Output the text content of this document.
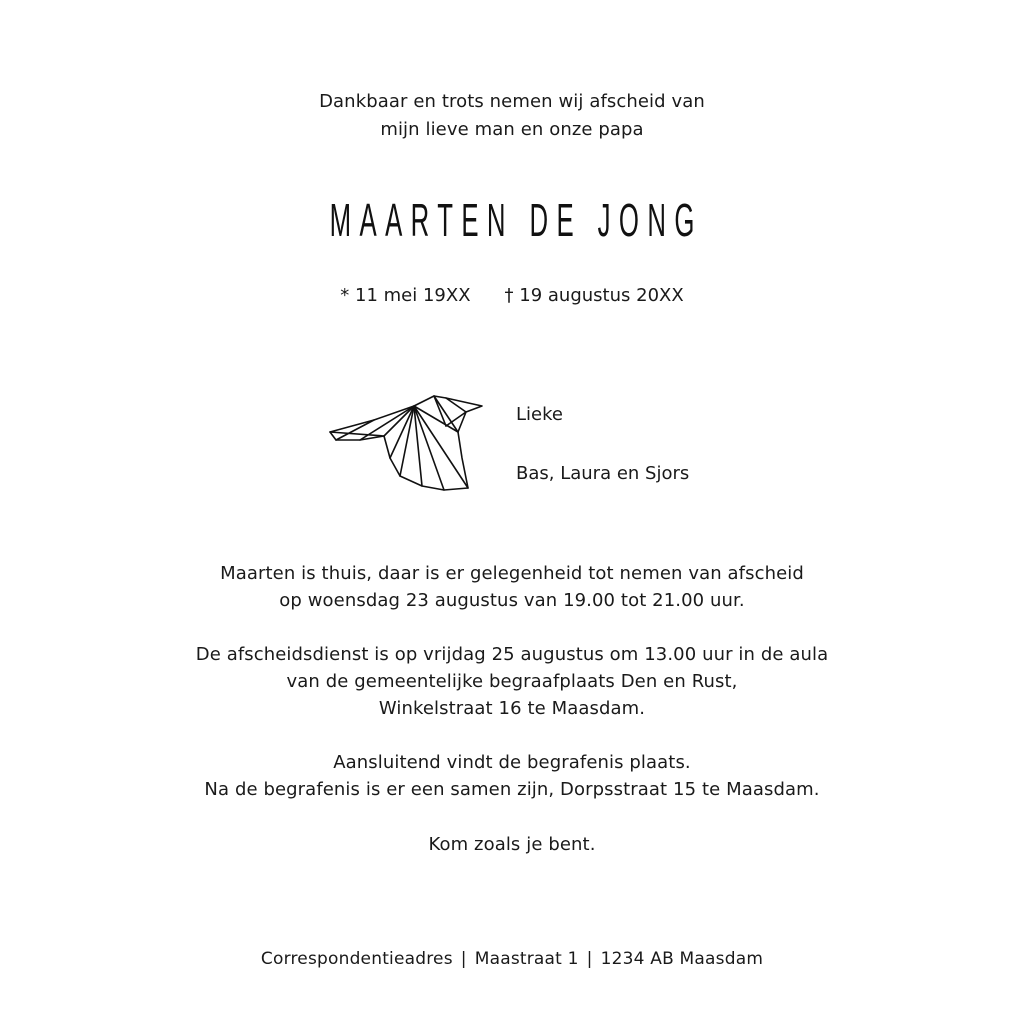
Dankbaar en trots nemen wij afscheid van
mijn lieve man en onze papa
MAARTEN DE JONG
* 11 mei 19XX † 19 augustus 20XX
Lieke
Bas, Laura en Sjors
Maarten is thuis, daar is er gelegenheid tot nemen van afscheid
op woensdag 23 augustus van 19.00 tot 21.00 uur.
De afscheidsdienst is op vrijdag 25 augustus om 13.00 uur in de aula
van de gemeentelijke begraafplaats Den en Rust,
Winkelstraat 16 te Maasdam.
Aansluitend vindt de begrafenis plaats.
Na de begrafenis is er een samen zijn, Dorpsstraat 15 te Maasdam.
Kom zoals je bent.
Correspondentieadres | Maastraat 1 | 1234 AB Maasdam
